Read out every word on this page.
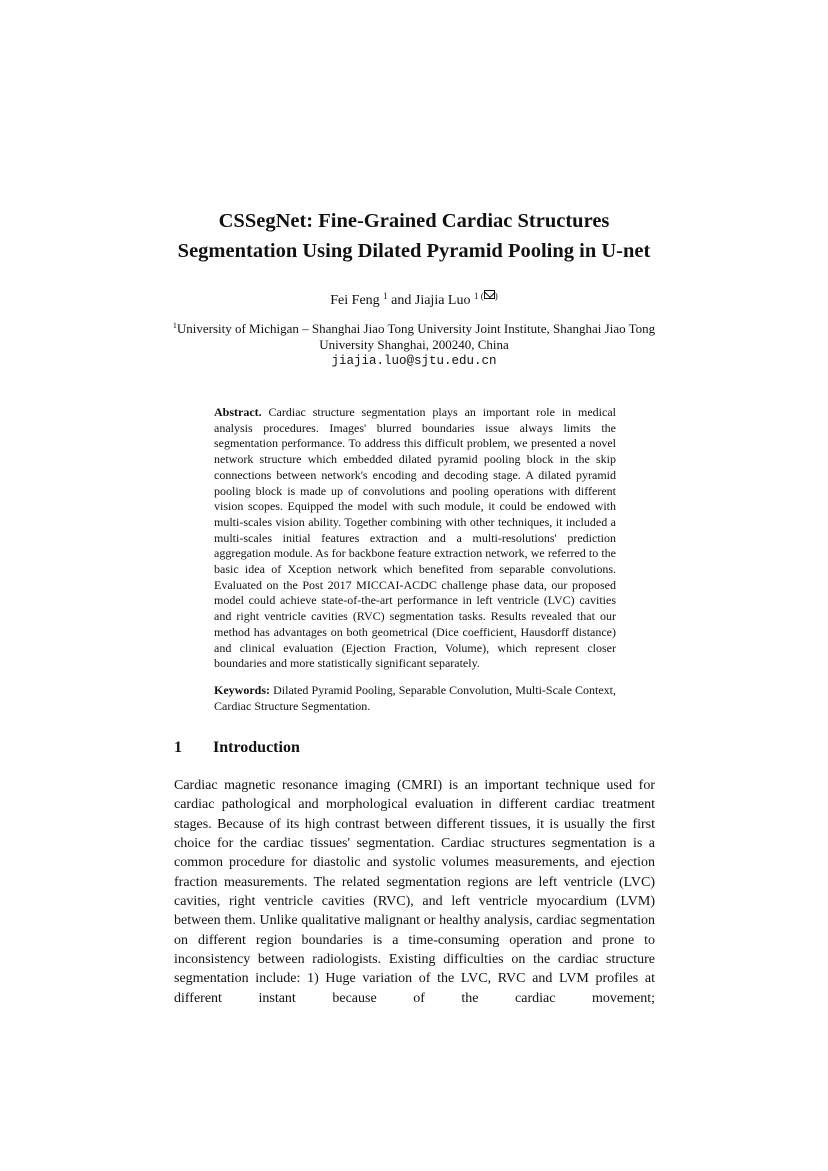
CSSegNet: Fine-Grained Cardiac Structures
Segmentation Using Dilated Pyramid Pooling in U-net
Fei Feng $^1$ and Jiajia Luo $^{1 ( )}$
$^1$University of Michigan – Shanghai Jiao Tong University Joint Institute, Shanghai Jiao Tong
University Shanghai, 200240, China
jiajia.luo@sjtu.edu.cn
Abstract. Cardiac structure segmentation plays an important role in medical analysis procedures. Images' blurred boundaries issue always limits the segmentation performance. To address this difficult problem, we presented a novel network structure which embedded dilated pyramid pooling block in the skip connections between network's encoding and decoding stage. A dilated pyramid pooling block is made up of convolutions and pooling operations with different vision scopes. Equipped the model with such module, it could be endowed with multi-scales vision ability. Together combining with other techniques, it included a multi-scales initial features extraction and a multi-resolutions' prediction aggregation module. As for backbone feature extraction network, we referred to the basic idea of Xception network which benefited from separable convolutions. Evaluated on the Post 2017 MICCAI-ACDC challenge phase data, our proposed model could achieve state-of-the-art performance in left ventricle (LVC) cavities and right ventricle cavities (RVC) segmentation tasks. Results revealed that our method has advantages on both geometrical (Dice coefficient, Hausdorff distance) and clinical evaluation (Ejection Fraction, Volume), which represent closer boundaries and more statistically significant separately.
Keywords: Dilated Pyramid Pooling, Separable Convolution, Multi-Scale Context, Cardiac Structure Segmentation.
1 Introduction
Cardiac magnetic resonance imaging (CMRI) is an important technique used for cardiac pathological and morphological evaluation in different cardiac treatment stages. Because of its high contrast between different tissues, it is usually the first choice for the cardiac tissues' segmentation. Cardiac structures segmentation is a common procedure for diastolic and systolic volumes measurements, and ejection fraction measurements. The related segmentation regions are left ventricle (LVC) cavities, right ventricle cavities (RVC), and left ventricle myocardium (LVM) between them. Unlike qualitative malignant or healthy analysis, cardiac segmentation on different region boundaries is a time-consuming operation and prone to inconsistency between radiologists. Existing difficulties on the cardiac structure segmentation include: 1) Huge variation of the LVC, RVC and LVM profiles at different instant because of the cardiac movement;
